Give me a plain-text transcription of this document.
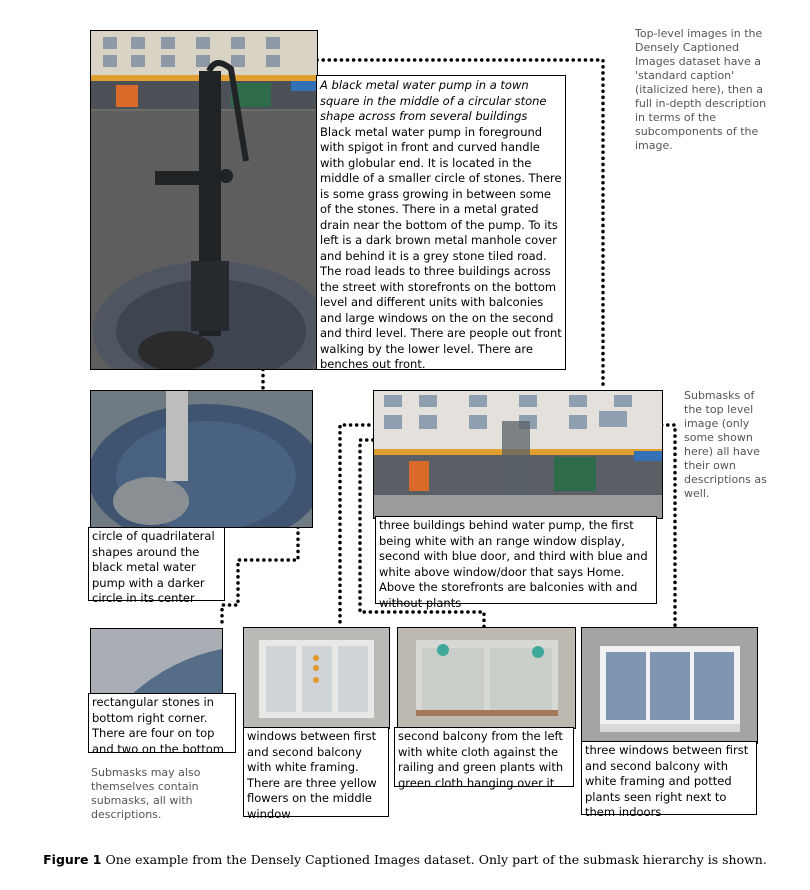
A black metal water pump in a town square in the middle of a circular stone shape across from several buildings
Black metal water pump in foreground with spigot in front and curved handle with globular end. It is located in the middle of a smaller circle of stones. There is some grass growing in between some of the stones. There in a metal grated drain near the bottom of the pump. To its left is a dark brown metal manhole cover and behind it is a grey stone tiled road. The road leads to three buildings across the street with storefronts on the bottom level and different units with balconies and large windows on the on the second and third level. There are people out front walking by the lower level. There are benches out front.
Top-level images in the Densely Captioned Images dataset have a 'standard caption' (italicized here), then a full in-depth description in terms of the subcomponents of the image.
circle of quadrilateral shapes around the black metal water pump with a darker circle in its center
three buildings behind water pump, the first being white with an range window display, second with blue door, and third with blue and white above window/door that says Home. Above the storefronts are balconies with and without plants
Submasks of the top level image (only some shown here) all have their own descriptions as well.
rectangular stones in bottom right corner. There are four on top and two on the bottom
Submasks may also themselves contain submasks, all with descriptions.
windows between first and second balcony with white framing. There are three yellow flowers on the middle window
second balcony from the left with white cloth against the railing and green plants with green cloth hanging over it
three windows between first and second balcony with white framing and potted plants seen right next to them indoors
Figure 1 One example from the Densely Captioned Images dataset. Only part of the submask hierarchy is shown.
